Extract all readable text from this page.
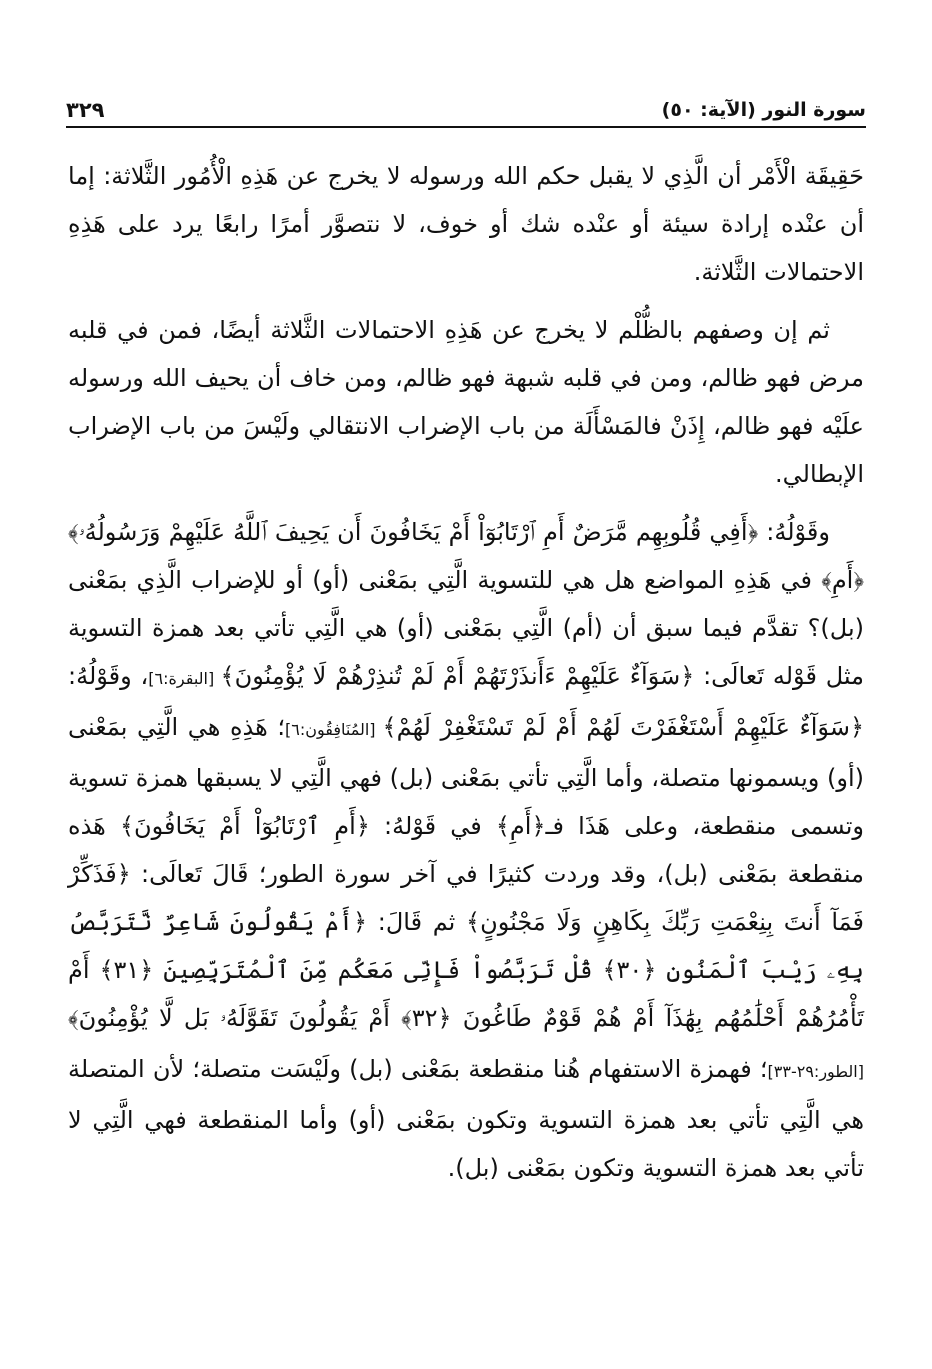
سورة النور (الآية: ٥٠)
٣٢٩

حَقِيقَة الْأَمْر أن الَّذِي لا يقبل حكم الله ورسوله لا يخرج عن هَذِهِ الْأُمُور الثَّلاثة: إما أن عنْده إرادة سيئة أو عنْده شك أو خوف، لا نتصوَّر أمرًا رابعًا يرد على هَذِهِ الاحتمالات الثَّلاثة.

ثم إن وصفهم بالظُّلْم لا يخرج عن هَذِهِ الاحتمالات الثَّلاثة أيضًا، فمن في قلبه مرض فهو ظالم، ومن في قلبه شبهة فهو ظالم، ومن خاف أن يحيف الله ورسوله علَيْه فهو ظالم، إِذَنْ فالمَسْأَلَة من باب الإضراب الانتقالي ولَيْسَ من باب الإضراب الإبطالي.

وقَوْلُهُ: ﴿أَفِي قُلُوبِهِم مَّرَضٌ أَمِ ٱرْتَابُوٓاْ أَمْ يَخَافُونَ أَن يَحِيفَ ٱللَّهُ عَلَيْهِمْ وَرَسُولُهُۥ﴾ ﴿أَمِ﴾ في هَذِهِ المواضع هل هي للتسوية الَّتِي بمَعْنى (أو) أو للإضراب الَّذِي بمَعْنى (بل)؟ تقدَّم فيما سبق أن (أم) الَّتِي بمَعْنى (أو) هي الَّتِي تأتي بعد همزة التسوية مثل قَوْله تَعالَى: ﴿سَوَآءٌ عَلَيْهِمْ ءَأَنذَرْتَهُمْ أَمْ لَمْ تُنذِرْهُمْ لَا يُؤْمِنُونَ﴾ [البقرة:٦]، وقَوْلُهُ: ﴿سَوَآءٌ عَلَيْهِمْ أَسْتَغْفَرْتَ لَهُمْ أَمْ لَمْ تَسْتَغْفِرْ لَهُمْ﴾ [المُنَافِقُون:٦]؛ هَذِهِ هي الَّتِي بمَعْنى (أو) ويسمونها متصلة، وأما الَّتِي تأتي بمَعْنى (بل) فهي الَّتِي لا يسبقها همزة تسوية وتسمى منقطعة، وعلى هَذَا فـ﴿أَمِ﴾ في قَوْلهُ: ﴿أَمِ ٱرْتَابُوٓاْ أَمْ يَخَافُونَ﴾ هَذه منقطعة بمَعْنى (بل)، وقد وردت كثيرًا في آخر سورة الطور؛ قَالَ تَعالَى: ﴿فَذَكِّرْ فَمَآ أَنتَ بِنِعْمَتِ رَبِّكَ بِكَاهِنٍ وَلَا مَجْنُونٍ﴾ ثم قَالَ: ﴿أَمْ يَقُولُونَ شَاعِرٌ نَّتَرَبَّصُ بِهِۦ رَيْبَ ٱلْمَنُونِ ﴿٣٠﴾ قُلْ تَرَبَّصُواْ فَإِنِّى مَعَكُم مِّنَ ٱلْمُتَرَبِّصِينَ ﴿٣١﴾ أَمْ تَأْمُرُهُمْ أَحْلَٰمُهُم بِهَٰذَآ أَمْ هُمْ قَوْمٌ طَاغُونَ ﴿٣٢﴾ أَمْ يَقُولُونَ تَقَوَّلَهُۥ بَل لَّا يُؤْمِنُونَ﴾ [الطور:٢٩-٣٣]؛ فهمزة الاستفهام هُنا منقطعة بمَعْنى (بل) ولَيْسَت متصلة؛ لأن المتصلة هي الَّتِي تأتي بعد همزة التسوية وتكون بمَعْنى (أو) وأما المنقطعة فهي الَّتِي لا تأتي بعد همزة التسوية وتكون بمَعْنى (بل).
